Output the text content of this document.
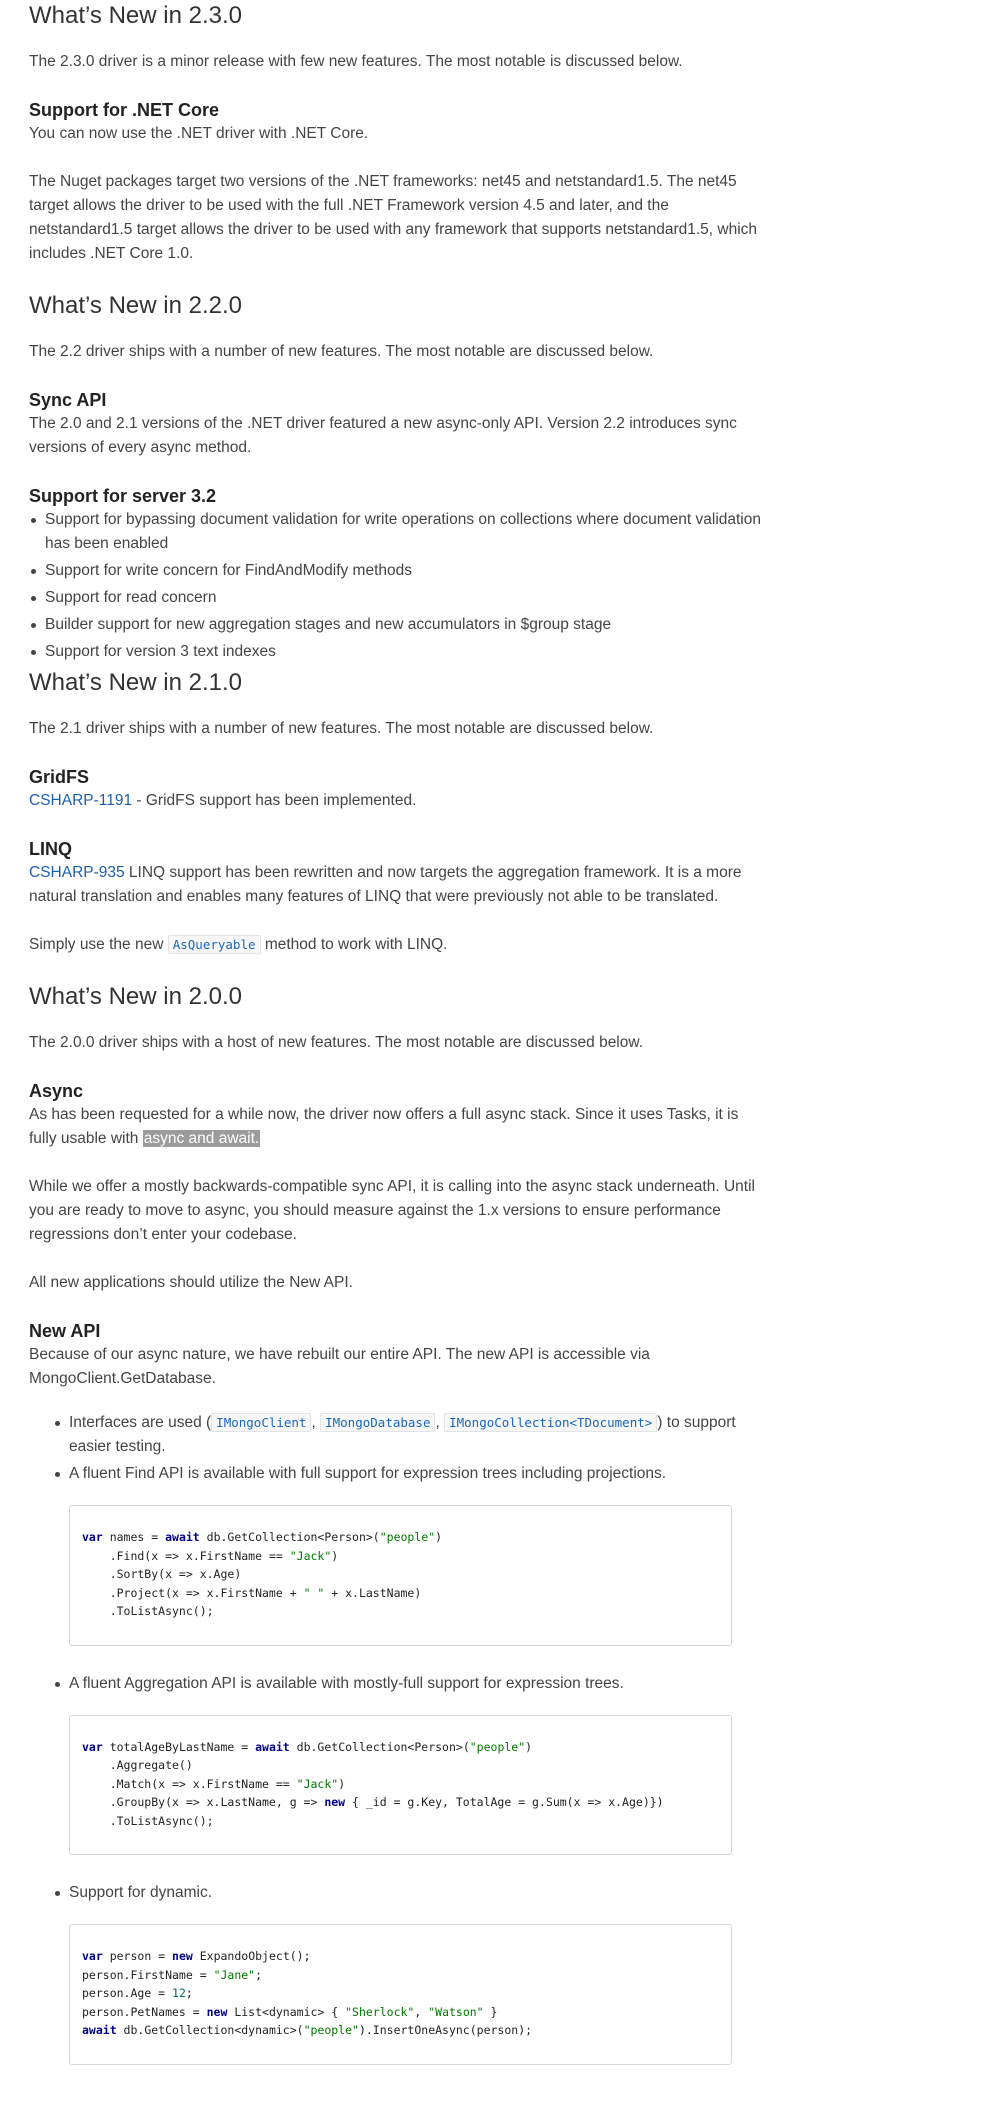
What’s New in 2.3.0

The 2.3.0 driver is a minor release with few new features. The most notable is discussed below.

Support for .NET Core

You can now use the .NET driver with .NET Core.

The Nuget packages target two versions of the .NET frameworks: net45 and netstandard1.5. The net45 target allows the driver to be used with the full .NET Framework version 4.5 and later, and the netstandard1.5 target allows the driver to be used with any framework that supports netstandard1.5, which includes .NET Core 1.0.

What’s New in 2.2.0

The 2.2 driver ships with a number of new features. The most notable are discussed below.

Sync API

The 2.0 and 2.1 versions of the .NET driver featured a new async-only API. Version 2.2 introduces sync versions of every async method.

Support for server 3.2
Support for bypassing document validation for write operations on collections where document validation has been enabled
Support for write concern for FindAndModify methods
Support for read concern
Builder support for new aggregation stages and new accumulators in $group stage
Support for version 3 text indexes
What’s New in 2.1.0

The 2.1 driver ships with a number of new features. The most notable are discussed below.

GridFS

CSHARP-1191 - GridFS support has been implemented.

LINQ

CSHARP-935 LINQ support has been rewritten and now targets the aggregation framework. It is a more natural translation and enables many features of LINQ that were previously not able to be translated.

Simply use the new AsQueryable method to work with LINQ.

What’s New in 2.0.0

The 2.0.0 driver ships with a host of new features. The most notable are discussed below.

Async

As has been requested for a while now, the driver now offers a full async stack. Since it uses Tasks, it is fully usable with async and await.

While we offer a mostly backwards-compatible sync API, it is calling into the async stack underneath. Until you are ready to move to async, you should measure against the 1.x versions to ensure performance regressions don’t enter your codebase.

All new applications should utilize the New API.

New API

Because of our async nature, we have rebuilt our entire API. The new API is accessible via MongoClient.GetDatabase.

Interfaces are used ( IMongoClient , IMongoDatabase , IMongoCollection<TDocument> ) to support easier testing.
A fluent Find API is available with full support for expression trees including projections.
var names = await db.GetCollection<Person>("people")
.Find(x => x.FirstName == "Jack")
.SortBy(x => x.Age)
.Project(x => x.FirstName + " " + x.LastName)
.ToListAsync();
A fluent Aggregation API is available with mostly-full support for expression trees.
var totalAgeByLastName = await db.GetCollection<Person>("people")
.Aggregate()
.Match(x => x.FirstName == "Jack")
.GroupBy(x => x.LastName, g => new { _id = g.Key, TotalAge = g.Sum(x => x.Age)})
.ToListAsync();
Support for dynamic.
var person = new ExpandoObject();
person.FirstName = "Jane";
person.Age = 12;
person.PetNames = new List<dynamic> { "Sherlock", "Watson" }
await db.GetCollection<dynamic>("people").InsertOneAsync(person);
